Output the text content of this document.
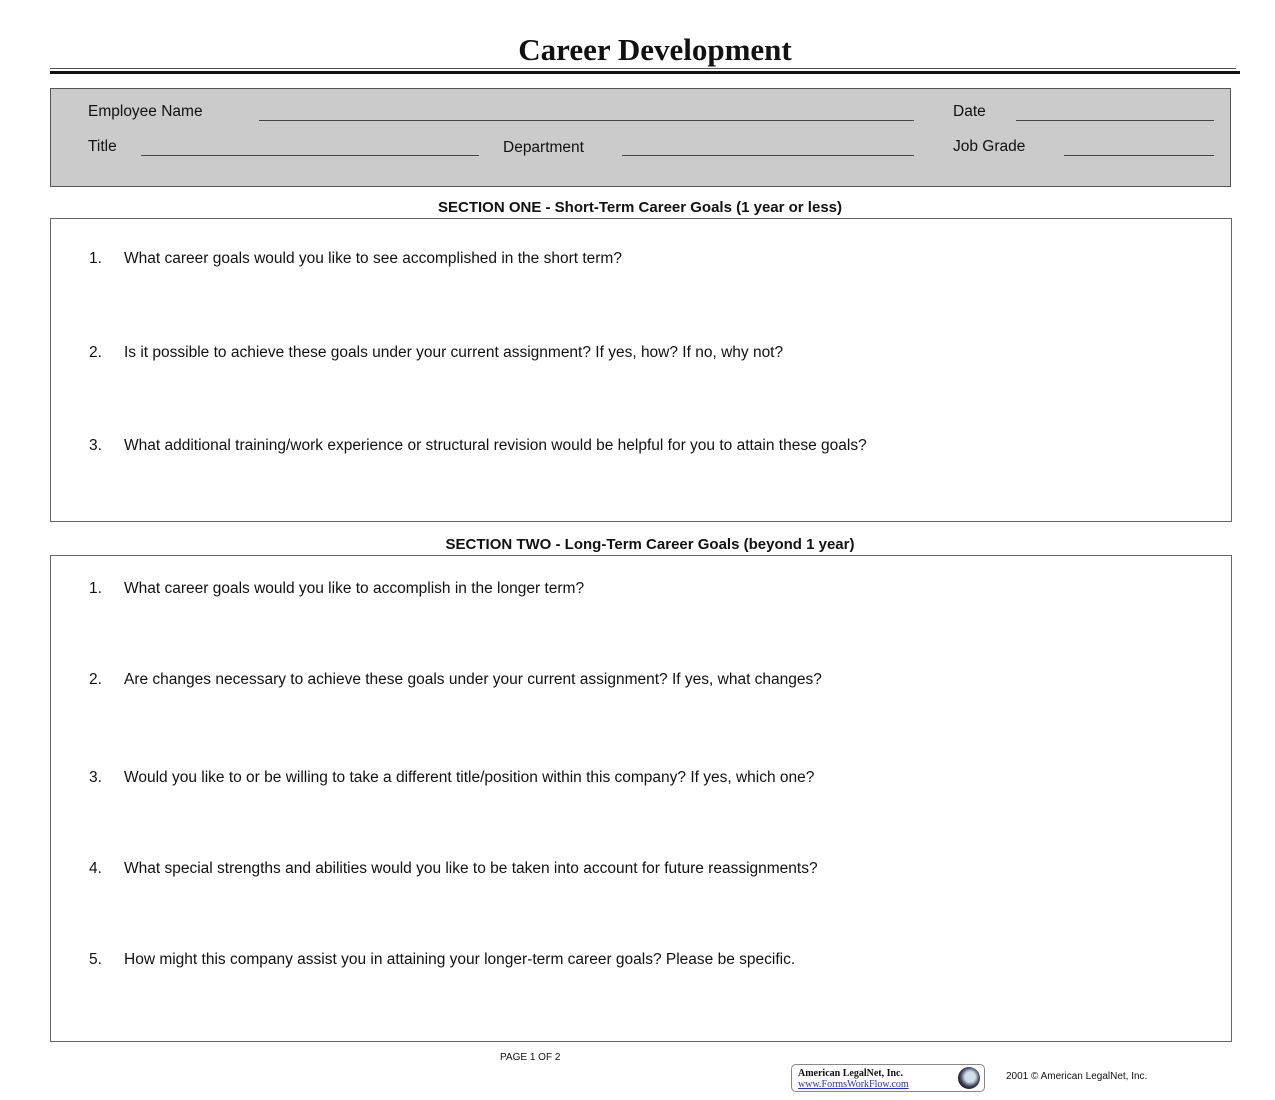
Career Development
Employee Name	Date
Title	Department	Job Grade
SECTION ONE - Short-Term Career Goals (1 year or less)
1. What career goals would you like to see accomplished in the short term?
2. Is it possible to achieve these goals under your current assignment? If yes, how? If no, why not?
3. What additional training/work experience or structural revision would be helpful for you to attain these goals?
SECTION TWO - Long-Term Career Goals (beyond 1 year)
1. What career goals would you like to accomplish in the longer term?
2. Are changes necessary to achieve these goals under your current assignment? If yes, what changes?
3. Would you like to or be willing to take a different title/position within this company? If yes, which one?
4. What special strengths and abilities would you like to be taken into account for future reassignments?
5. How might this company assist you in attaining your longer-term career goals? Please be specific.
PAGE 1 OF 2
American LegalNet, Inc.
www.FormsWorkFlow.com
2001 © American LegalNet, Inc.
